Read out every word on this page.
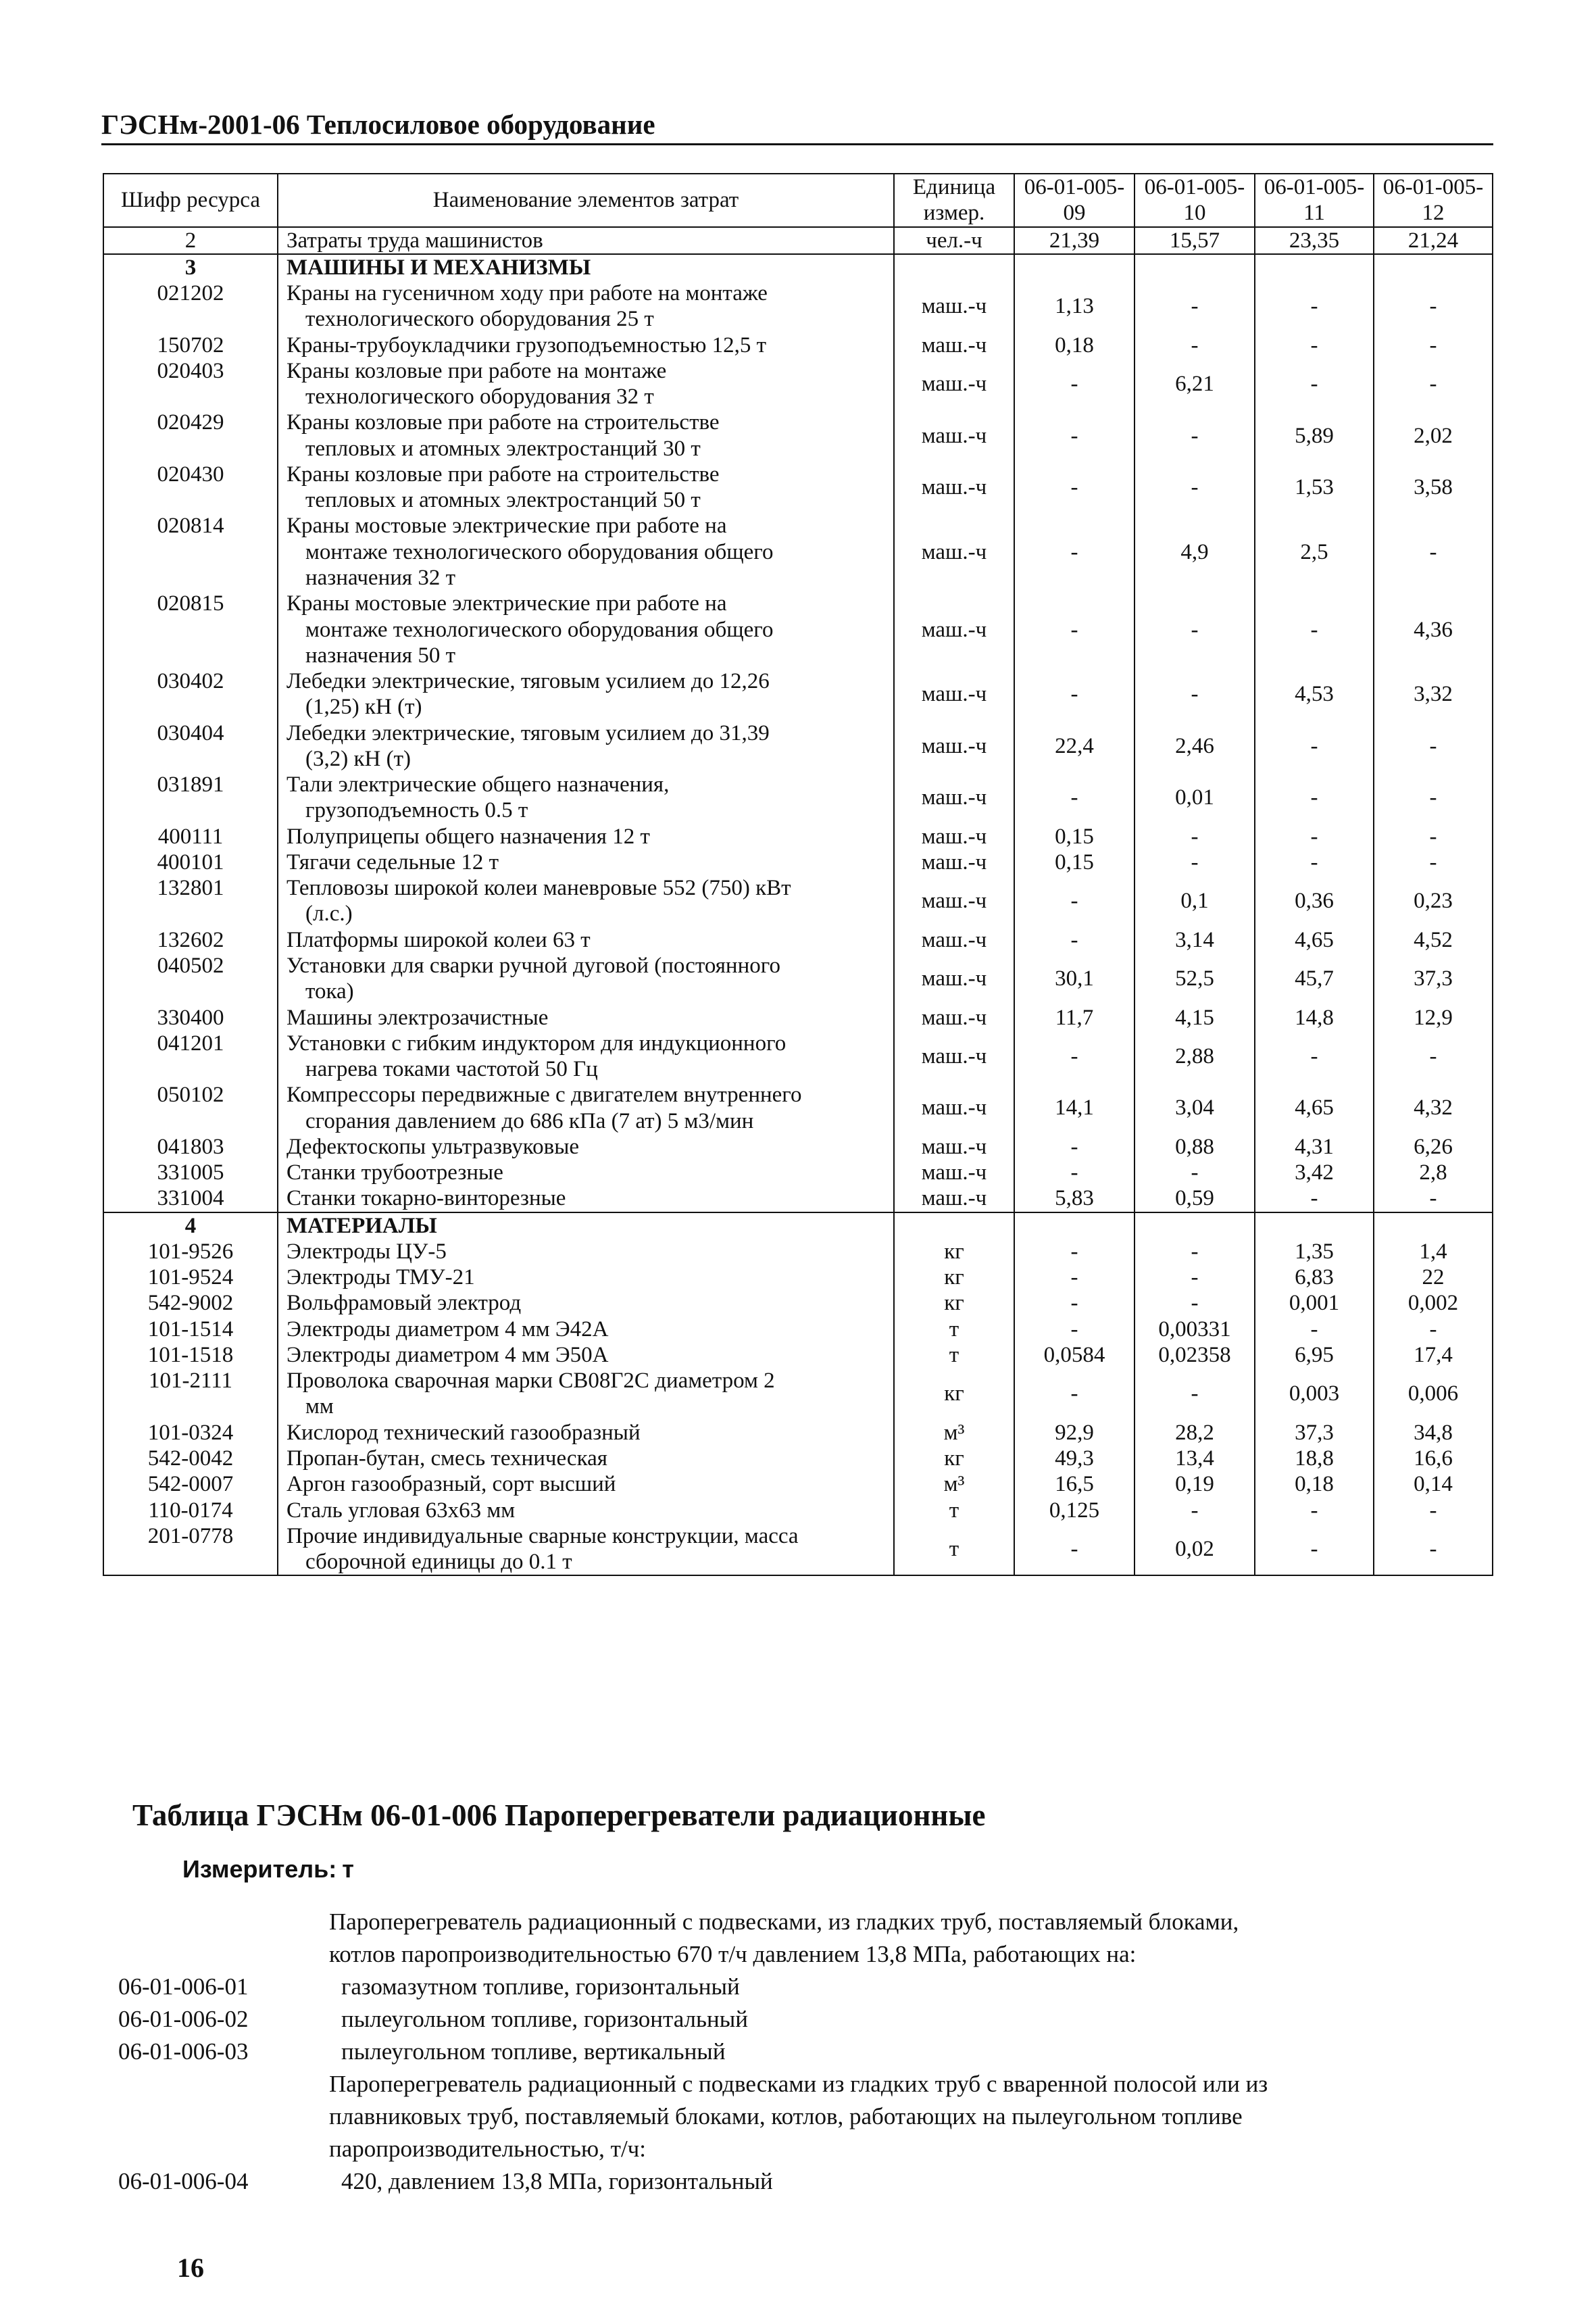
ГЭСНм-2001-06 Теплосиловое оборудование
Шифр ресурса	Наименование элементов затрат	Единица измер.	06-01-005-09	06-01-005-10	06-01-005-11	06-01-005-12
2	Затраты труда машинистов	чел.-ч	21,39	15,57	23,35	21,24
3	МАШИНЫ И МЕХАНИЗМЫ					
021202	Краны на гусеничном ходу при работе на монтаже
технологического оборудования 25 т	маш.-ч	1,13	-	-	-
150702	Краны-трубоукладчики грузоподъемностью 12,5 т	маш.-ч	0,18	-	-	-
020403	Краны козловые при работе на монтаже
технологического оборудования 32 т	маш.-ч	-	6,21	-	-
020429	Краны козловые при работе на строительстве
тепловых и атомных электростанций 30 т	маш.-ч	-	-	5,89	2,02
020430	Краны козловые при работе на строительстве
тепловых и атомных электростанций 50 т	маш.-ч	-	-	1,53	3,58
020814	Краны мостовые электрические при работе на
монтаже технологического оборудования общего
назначения 32 т	маш.-ч	-	4,9	2,5	-
020815	Краны мостовые электрические при работе на
монтаже технологического оборудования общего
назначения 50 т	маш.-ч	-	-	-	4,36
030402	Лебедки электрические, тяговым усилием до 12,26
(1,25) кН (т)	маш.-ч	-	-	4,53	3,32
030404	Лебедки электрические, тяговым усилием до 31,39
(3,2) кН (т)	маш.-ч	22,4	2,46	-	-
031891	Тали электрические общего назначения,
грузоподъемность 0.5 т	маш.-ч	-	0,01	-	-
400111	Полуприцепы общего назначения 12 т	маш.-ч	0,15	-	-	-
400101	Тягачи седельные 12 т	маш.-ч	0,15	-	-	-
132801	Тепловозы широкой колеи маневровые 552 (750) кВт
(л.с.)	маш.-ч	-	0,1	0,36	0,23
132602	Платформы широкой колеи 63 т	маш.-ч	-	3,14	4,65	4,52
040502	Установки для сварки ручной дуговой (постоянного
тока)	маш.-ч	30,1	52,5	45,7	37,3
330400	Машины электрозачистные	маш.-ч	11,7	4,15	14,8	12,9
041201	Установки с гибким индуктором для индукционного
нагрева токами частотой 50 Гц	маш.-ч	-	2,88	-	-
050102	Компрессоры передвижные с двигателем внутреннего
сгорания давлением до 686 кПа (7 ат) 5 м3/мин	маш.-ч	14,1	3,04	4,65	4,32
041803	Дефектоскопы ультразвуковые	маш.-ч	-	0,88	4,31	6,26
331005	Станки трубоотрезные	маш.-ч	-	-	3,42	2,8
331004	Станки токарно-винторезные	маш.-ч	5,83	0,59	-	-
4	МАТЕРИАЛЫ					
101-9526	Электроды ЦУ-5	кг	-	-	1,35	1,4
101-9524	Электроды ТМУ-21	кг	-	-	6,83	22
542-9002	Вольфрамовый электрод	кг	-	-	0,001	0,002
101-1514	Электроды диаметром 4 мм Э42А	т	-	0,00331	-	-
101-1518	Электроды диаметром 4 мм Э50А	т	0,0584	0,02358	6,95	17,4
101-2111	Проволока сварочная марки СВ08Г2С диаметром 2
мм	кг	-	-	0,003	0,006
101-0324	Кислород технический газообразный	м³	92,9	28,2	37,3	34,8
542-0042	Пропан-бутан, смесь техническая	кг	49,3	13,4	18,8	16,6
542-0007	Аргон газообразный, сорт высший	м³	16,5	0,19	0,18	0,14
110-0174	Сталь угловая 63х63 мм	т	0,125	-	-	-
201-0778	Прочие индивидуальные сварные конструкции, масса
сборочной единицы до 0.1 т	т	-	0,02	-	-
Таблица ГЭСНм 06-01-006 Пароперегреватели радиационные
Измеритель: т
Пароперегреватель радиационный с подвесками, из гладких труб, поставляемый блоками,
котлов паропроизводительностью 670 т/ч давлением 13,8 МПа, работающих на:
06-01-006-01	газомазутном топливе, горизонтальный
06-01-006-02	пылеугольном топливе, горизонтальный
06-01-006-03	пылеугольном топливе, вертикальный
Пароперегреватель радиационный с подвесками из гладких труб с вваренной полосой или из
плавниковых труб, поставляемый блоками, котлов, работающих на пылеугольном топливе
паропроизводительностью, т/ч:
06-01-006-04	420, давлением 13,8 МПа, горизонтальный
16
